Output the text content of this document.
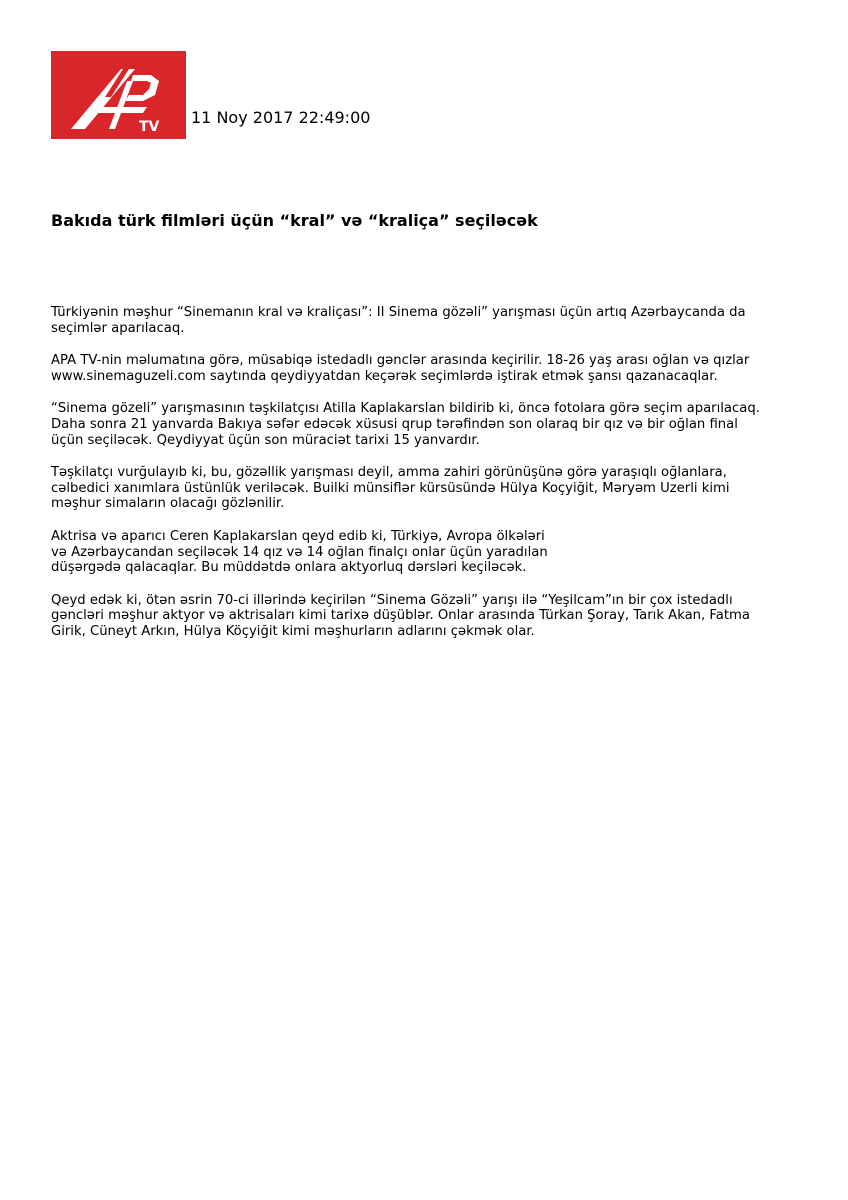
TV 11 Noy 2017 22:49:00
Bakıda türk filmləri üçün “kral” və “kraliça” seçiləcək

Türkiyənin məşhur “Sinemanın kral və kraliçası”: II Sinema gözəli” yarışması üçün artıq Azərbaycanda da
seçimlər aparılacaq.

APA TV-nin məlumatına görə, müsabiqə istedadlı gənclər arasında keçirilir. 18-26 yaş arası oğlan və qızlar
www.sinemaguzeli.com saytında qeydiyyatdan keçərək seçimlərdə iştirak etmək şansı qazanacaqlar.

“Sinema gözeli” yarışmasının təşkilatçısı Atilla Kaplakarslan bildirib ki, öncə fotolara görə seçim aparılacaq.
Daha sonra 21 yanvarda Bakıya səfər edəcək xüsusi qrup tərəfindən son olaraq bir qız və bir oğlan final
üçün seçiləcək. Qeydiyyat üçün son müraciət tarixi 15 yanvardır.

Təşkilatçı vurğulayıb ki, bu, gözəllik yarışması deyil, amma zahiri görünüşünə görə yaraşıqlı oğlanlara,
cəlbedici xanımlara üstünlük veriləcək. Builki münsiflər kürsüsündə Hülya Koçyiğit, Məryəm Uzerli kimi
məşhur simaların olacağı gözlənilir.

Aktrisa və aparıcı Ceren Kaplakarslan qeyd edib ki, Türkiyə, Avropa ölkələri
və Azərbaycandan seçiləcək 14 qız və 14 oğlan finalçı onlar üçün yaradılan
düşərgədə qalacaqlar. Bu müddətdə onlara aktyorluq dərsləri keçiləcək.

Qeyd edək ki, ötən əsrin 70-ci illərində keçirilən “Sinema Gözəli” yarışı ilə “Yeşilcam”ın bir çox istedadlı
gəncləri məşhur aktyor və aktrisaları kimi tarixə düşüblər. Onlar arasında Türkan Şoray, Tarık Akan, Fatma
Girik, Cüneyt Arkın, Hülya Köçyiğit kimi məşhurların adlarını çəkmək olar.
